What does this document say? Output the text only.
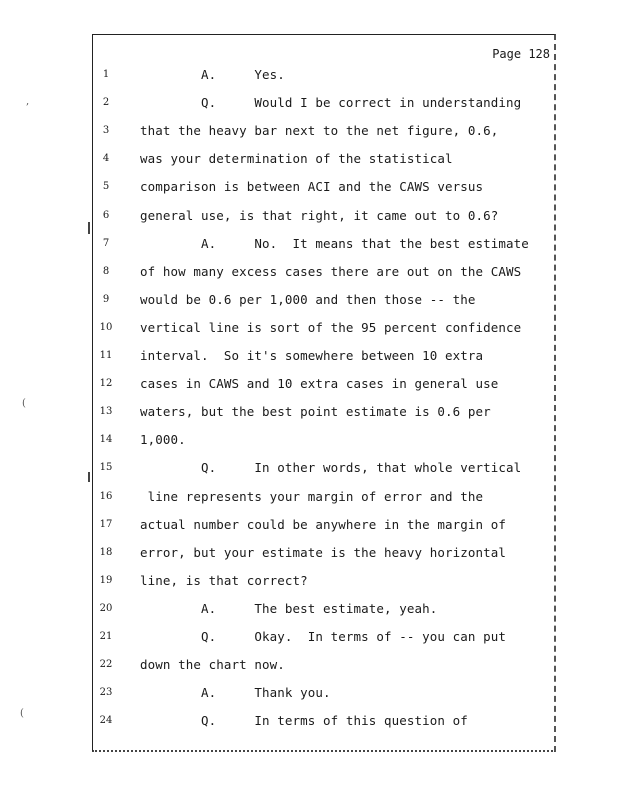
Page 128
,
(
(
1	A.     Yes.
2	Q.     Would I be correct in understanding
3	that the heavy bar next to the net figure, 0.6,
4	was your determination of the statistical
5	comparison is between ACI and the CAWS versus
6	general use, is that right, it came out to 0.6?
7	A.     No.  It means that the best estimate
8	of how many excess cases there are out on the CAWS
9	would be 0.6 per 1,000 and then those -- the
10 vertical line is sort of the 95 percent confidence
11 interval.  So it's somewhere between 10 extra
12 cases in CAWS and 10 extra cases in general use
13 waters, but the best point estimate is 0.6 per
14 1,000.
15 Q.     In other words, that whole vertical
16 line represents your margin of error and the
17 actual number could be anywhere in the margin of
18 error, but your estimate is the heavy horizontal
19 line, is that correct?
20 A.     The best estimate, yeah.
21 Q.     Okay.  In terms of -- you can put
22 down the chart now.
23 A.     Thank you.
24 Q.     In terms of this question of
